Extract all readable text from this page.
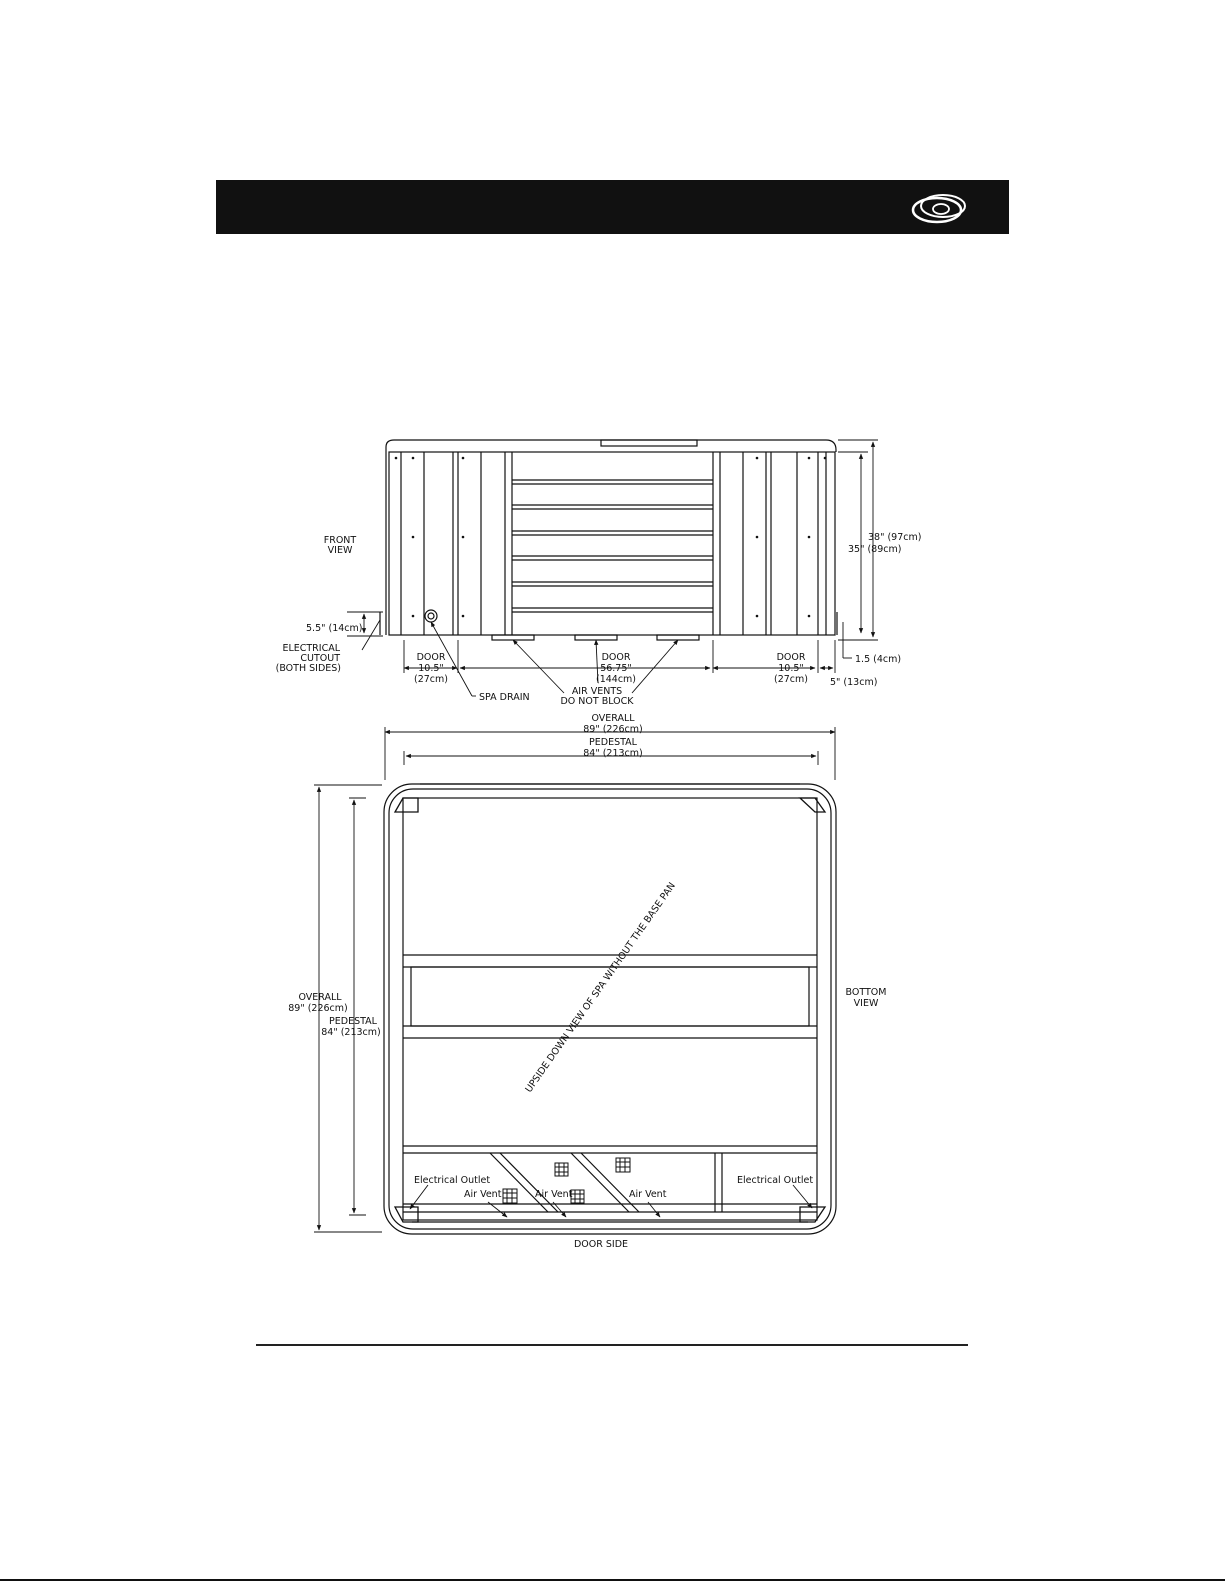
FRONT
VIEW
38" (97cm)
35" (89cm)
5.5" (14cm)
ELECTRICAL
CUTOUT
(BOTH SIDES)
DOOR
10.5"
(27cm)
DOOR
56.75"
(144cm)
DOOR
10.5"
(27cm)
1.5 (4cm)
5" (13cm)
SPA DRAIN
AIR VENTS
DO NOT BLOCK
OVERALL
89" (226cm)
PEDESTAL
84" (213cm)
OVERALL
89" (226cm)
PEDESTAL
84" (213cm)
BOTTOM
VIEW
UPSIDE DOWN VIEW OF SPA WITHOUT THE BASE PAN
Electrical Outlet	Electrical Outlet
Air Vent	Air Vent	Air Vent
DOOR SIDE
